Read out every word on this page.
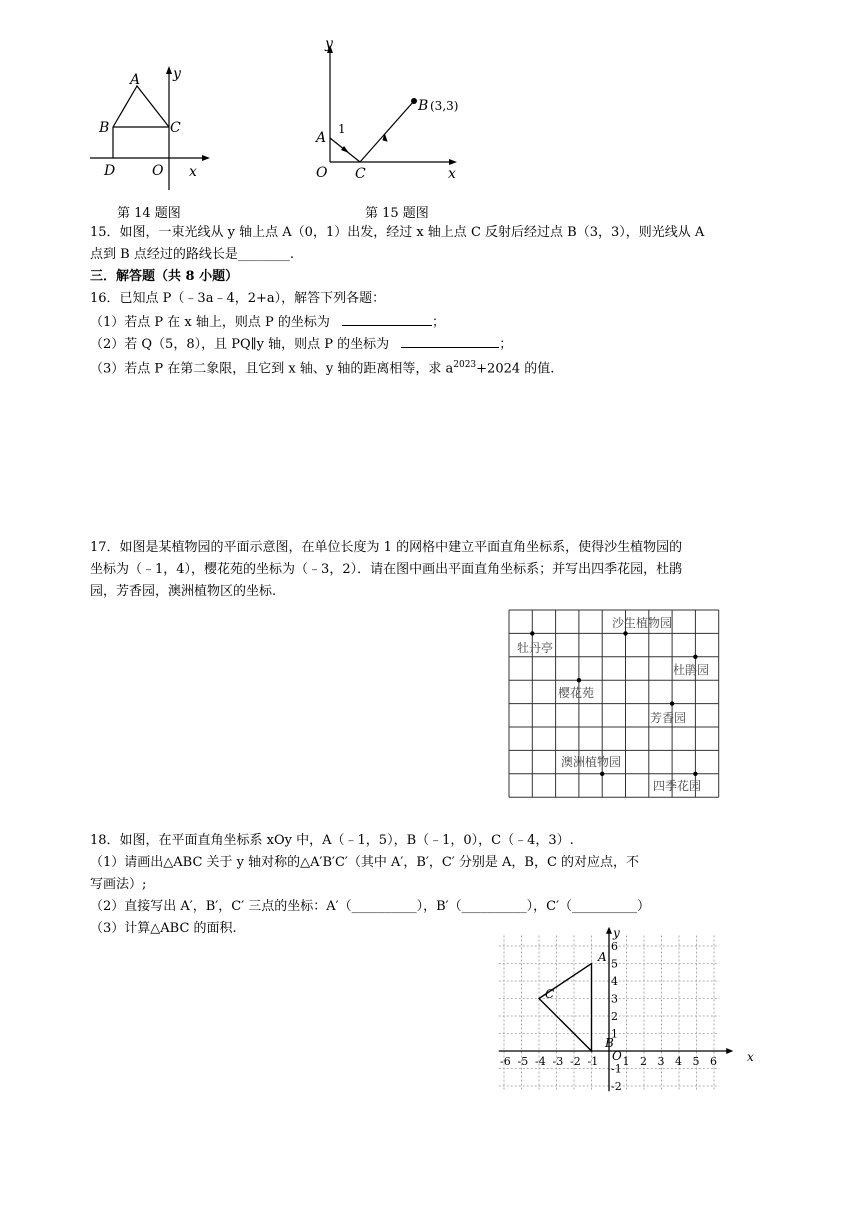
A y
B	C
D	O x
第 14 题图
y
x
A
1
O C
B (3,3)
第 15 题图
15．如图，一束光线从 y 轴上点 A（0，1）出发，经过 x 轴上点 C 反射后经过点 B（3，3），则光线从 A
点到 B 点经过的路线长是________.
三．解答题（共 8 小题）
16．已知点 P（﹣3a﹣4，2+a），解答下列各题：
（1）若点 P 在 x 轴上，则点 P 的坐标为	；
（2）若 Q（5，8），且 PQ∥y 轴，则点 P 的坐标为	；
（3）若点 P 在第二象限，且它到 x 轴、y 轴的距离相等，求 $a^{2023}+2024$ 的值.
17．如图是某植物园的平面示意图，在单位长度为 1 的网格中建立平面直角坐标系，使得沙生植物园的
坐标为（﹣1，4），樱花苑的坐标为（﹣3，2）．请在图中画出平面直角坐标系；并写出四季花园，杜鹃
园，芳香园，澳洲植物区的坐标.
沙生植物园
牡丹亭
杜鹃园
樱花苑
芳香园
澳洲植物园
四季花园
18．如图，在平面直角坐标系 xOy 中，A（﹣1，5），B（﹣1，0），C（﹣4，3）.
（1）请画出△ABC 关于 y 轴对称的△A′B′C′（其中 A′，B′，C′ 分别是 A，B，C 的对应点，不
写画法）;
（2）直接写出 A′，B′，C′ 三点的坐标：A′（__________），B′（__________），C′（__________）
（3）计算△ABC 的面积.
-6 -5 -4 -3 -2 -1 1 2 3 4 5 6
6
5
4
3
2
1
-1
-2
A
C
B
O	x
y
